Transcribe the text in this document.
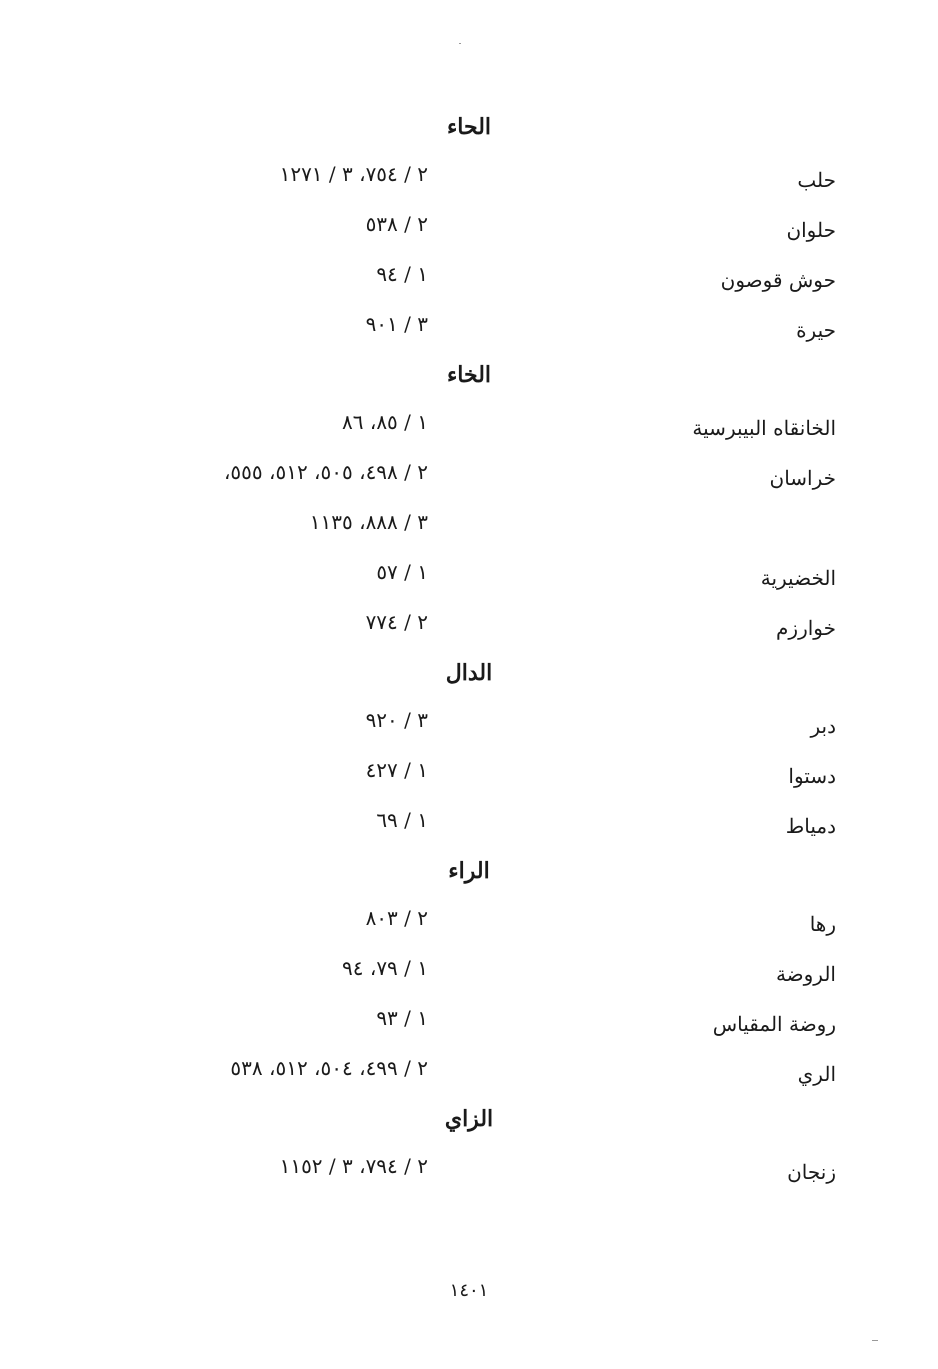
الحاء
حلب
٢ / ٧٥٤، ٣ / ١٢٧١
حلوان
٢ / ٥٣٨
حوش قوصون
١ / ٩٤
حيرة
٣ / ٩٠١
الخاء
الخانقاه البيبرسية
١ / ٨٥، ٨٦
خراسان
٢ / ٤٩٨، ٥٠٥، ٥١٢، ٥٥٥،
٣ / ٨٨٨، ١١٣٥
الخضيرية
١ / ٥٧
خوارزم
٢ / ٧٧٤
الدال
دبر
٣ / ٩٢٠
دستوا
١ / ٤٢٧
دمياط
١ / ٦٩
الراء
رها
٢ / ٨٠٣
الروضة
١ / ٧٩، ٩٤
روضة المقياس
١ / ٩٣
الري
٢ / ٤٩٩، ٥٠٤، ٥١٢، ٥٣٨
الزاي
زنجان
٢ / ٧٩٤، ٣ / ١١٥٢
١٤٠١
